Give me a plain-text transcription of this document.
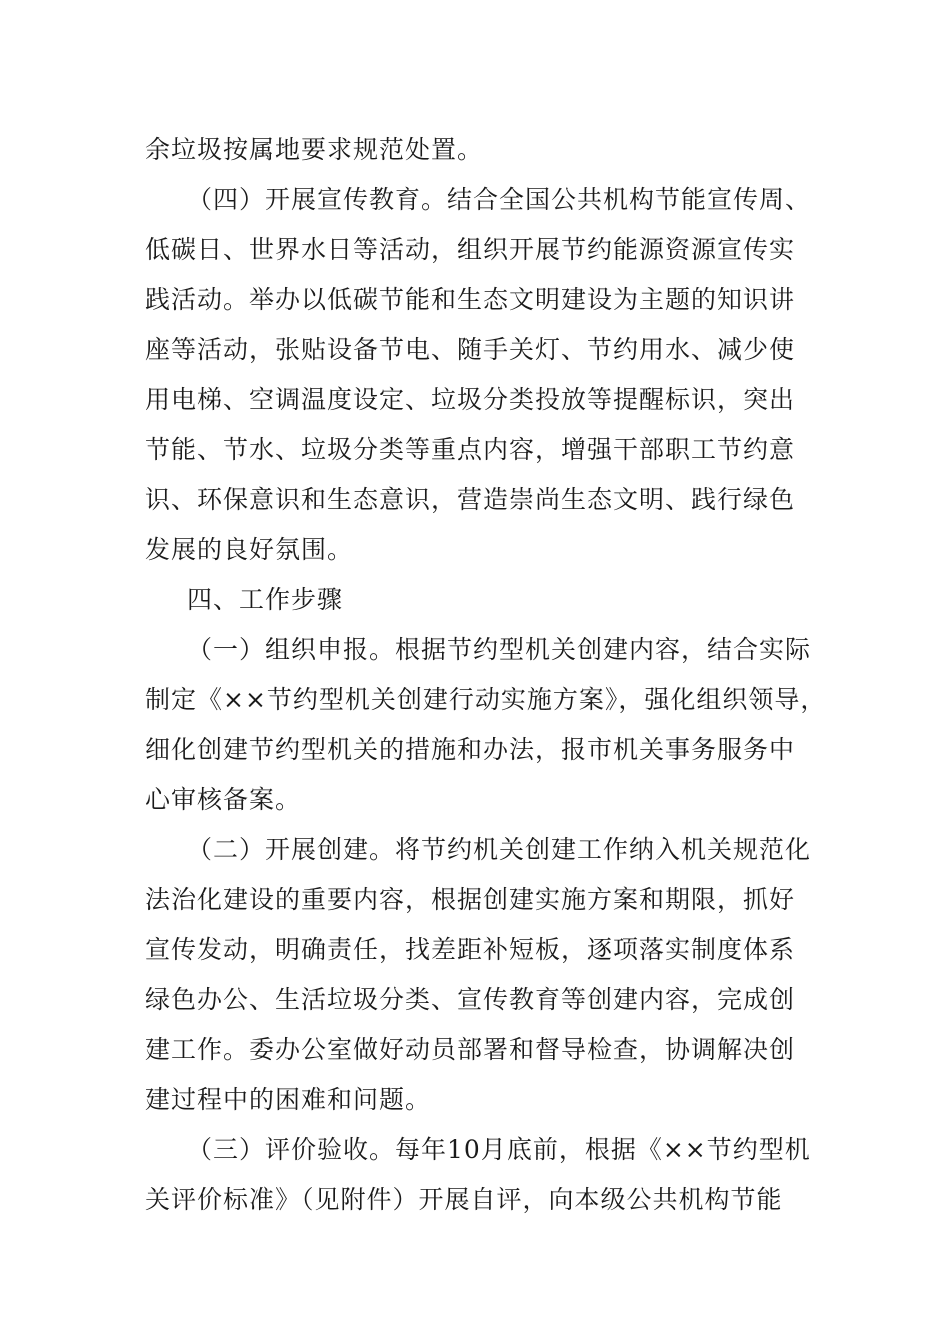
余垃圾按属地要求规范处置。
（四）开展宣传教育。结合全国公共机构节能宣传周、
低碳日、世界水日等活动，组织开展节约能源资源宣传实
践活动。举办以低碳节能和生态文明建设为主题的知识讲
座等活动，张贴设备节电、随手关灯、节约用水、减少使
用电梯、空调温度设定、垃圾分类投放等提醒标识，突出
节能、节水、垃圾分类等重点内容，增强干部职工节约意
识、环保意识和生态意识，营造崇尚生态文明、践行绿色
发展的良好氛围。
四、工作步骤
（一）组织申报。根据节约型机关创建内容，结合实际
制定《××节约型机关创建行动实施方案》，强化组织领导，
细化创建节约型机关的措施和办法，报市机关事务服务中
心审核备案。
（二）开展创建。将节约机关创建工作纳入机关规范化
法治化建设的重要内容，根据创建实施方案和期限，抓好
宣传发动，明确责任，找差距补短板，逐项落实制度体系
绿色办公、生活垃圾分类、宣传教育等创建内容，完成创
建工作。委办公室做好动员部署和督导检查，协调解决创
建过程中的困难和问题。
（三）评价验收。每年10月底前，根据《××节约型机
关评价标准》（见附件）开展自评，向本级公共机构节能
